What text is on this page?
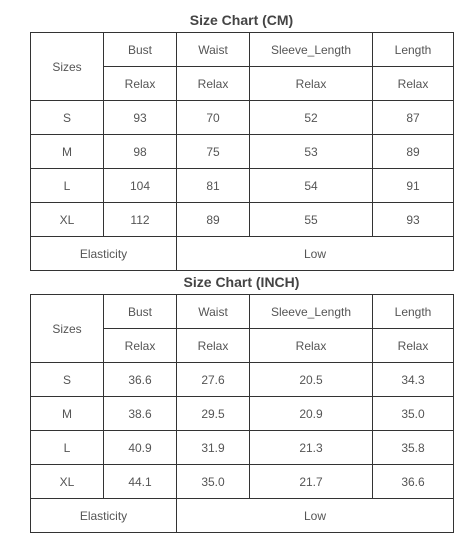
Size Chart (CM)
Sizes	Bust	Waist	Sleeve_Length	Length
	Relax	Relax	Relax	Relax
S	93	70	52	87
M	98	75	53	89
L	104	81	54	91
XL	112	89	55	93
Elasticity		Low		
Size Chart (INCH)
Sizes	Bust	Waist	Sleeve_Length	Length
	Relax	Relax	Relax	Relax
S	36.6	27.6	20.5	34.3
M	38.6	29.5	20.9	35.0
L	40.9	31.9	21.3	35.8
XL	44.1	35.0	21.7	36.6
Elasticity		Low		
